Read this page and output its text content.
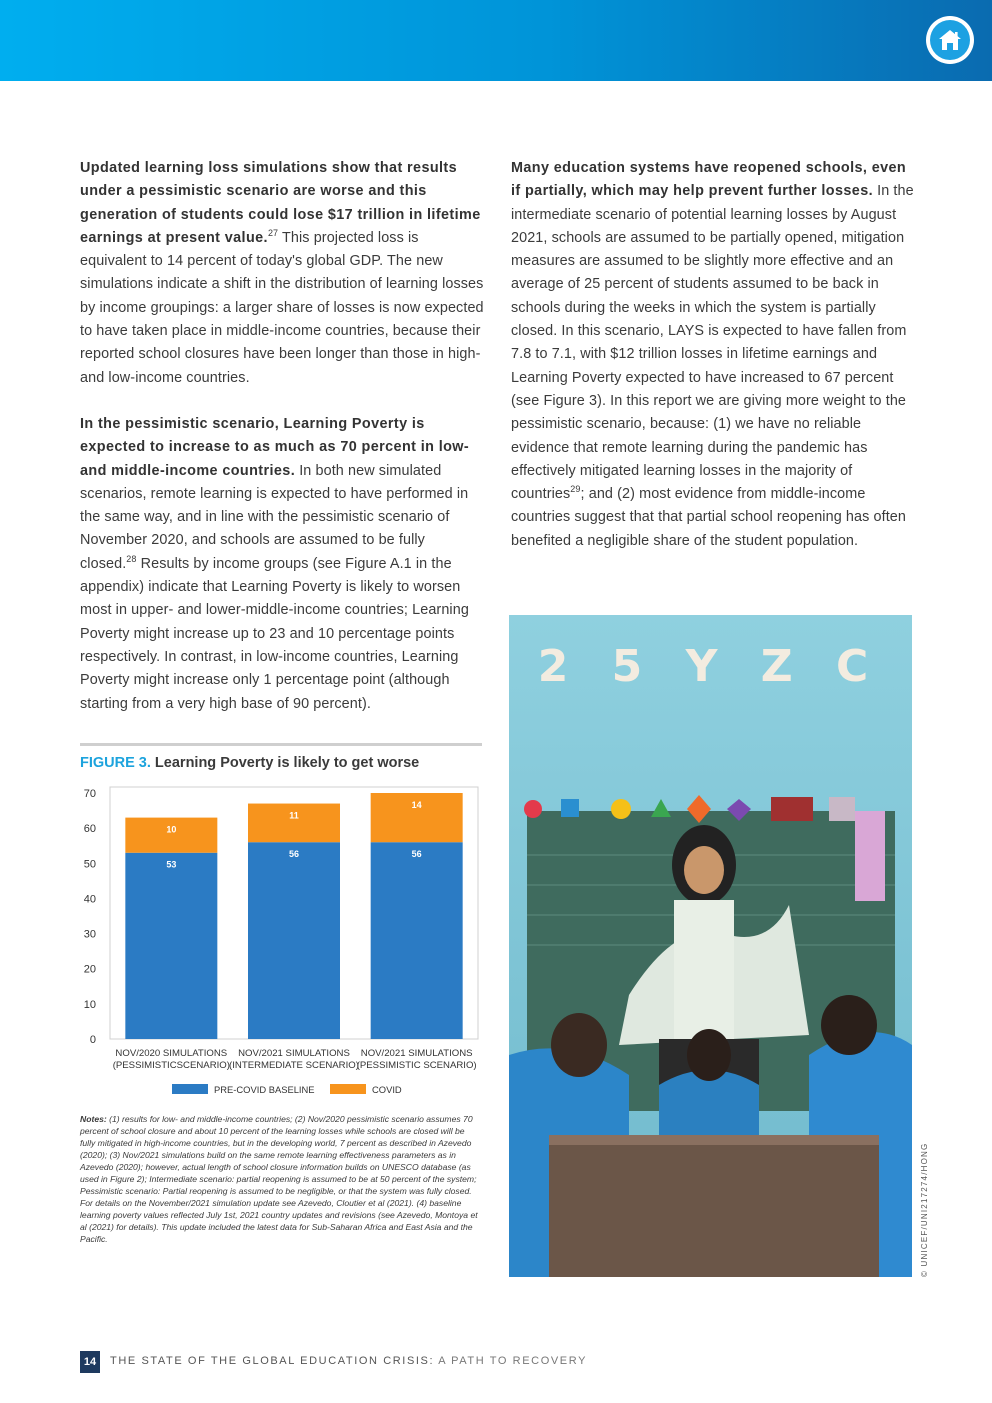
Updated learning loss simulations show that results under a pessimistic scenario are worse and this generation of students could lose $17 trillion in lifetime earnings at present value.$^{27}$ This projected loss is equivalent to 14 percent of today's global GDP. The new simulations indicate a shift in the distribution of learning losses by income groupings: a larger share of losses is now expected to have taken place in middle-income countries, because their reported school closures have been longer than those in high- and low-income countries.

In the pessimistic scenario, Learning Poverty is expected to increase to as much as 70 percent in low- and middle-income countries. In both new simulated scenarios, remote learning is expected to have performed in the same way, and in line with the pessimistic scenario of November 2020, and schools are assumed to be fully closed.$^{28}$ Results by income groups (see Figure A.1 in the appendix) indicate that Learning Poverty is likely to worsen most in upper- and lower-middle-income countries; Learning Poverty might increase up to 23 and 10 percentage points respectively. In contrast, in low-income countries, Learning Poverty might increase only 1 percentage point (although starting from a very high base of 90 percent).

Many education systems have reopened schools, even if partially, which may help prevent further losses. In the intermediate scenario of potential learning losses by August 2021, schools are assumed to be partially opened, mitigation measures are assumed to be slightly more effective and an average of 25 percent of students assumed to be back in schools during the weeks in which the system is partially closed. In this scenario, LAYS is expected to have fallen from 7.8 to 7.1, with $12 trillion losses in lifetime earnings and Learning Poverty expected to have increased to 67 percent (see Figure 3). In this report we are giving more weight to the pessimistic scenario, because: (1) we have no reliable evidence that remote learning during the pandemic has effectively mitigated learning losses in the majority of countries$^{29}$; and (2) most evidence from middle-income countries suggest that that partial school reopening has often benefited a negligible share of the student population.

FIGURE 3. Learning Poverty is likely to get worse
0
10
20
30
40
50
60
70
53
10
NOV/2020 SIMULATIONS
(PESSIMISTICSCENARIO)
56
11
NOV/2021 SIMULATIONS
(INTERMEDIATE SCENARIO)
56
14
NOV/2021 SIMULATIONS
(PESSIMISTIC SCENARIO)
PRE-COVID BASELINE	COVID
Notes: (1) results for low- and middle-income countries; (2) Nov/2020 pessimistic scenario assumes 70 percent of school closure and about 10 percent of the learning losses while schools are closed will be fully mitigated in high-income countries, but in the developing world, 7 percent as described in Azevedo (2020); (3) Nov/2021 simulations build on the same remote learning effectiveness parameters as in Azevedo (2020); however, actual length of school closure information builds on UNESCO database (as used in Figure 2); Intermediate scenario: partial reopening is assumed to be at 50 percent of the system; Pessimistic scenario: Partial reopening is assumed to be negligible, or that the system was fully closed. For details on the November/2021 simulation update see Azevedo, Cloutier et al (2021). (4) baseline learning poverty values reflected July 1st, 2021 country updates and revisions (see Azevedo, Montoya et al (2021) for details). This update included the latest data for Sub-Saharan Africa and East Asia and the Pacific.
2 5 Y Z C
© UNICEF/UNI217274/HONG
14	THE STATE OF THE GLOBAL EDUCATION CRISIS: A PATH TO RECOVERY
